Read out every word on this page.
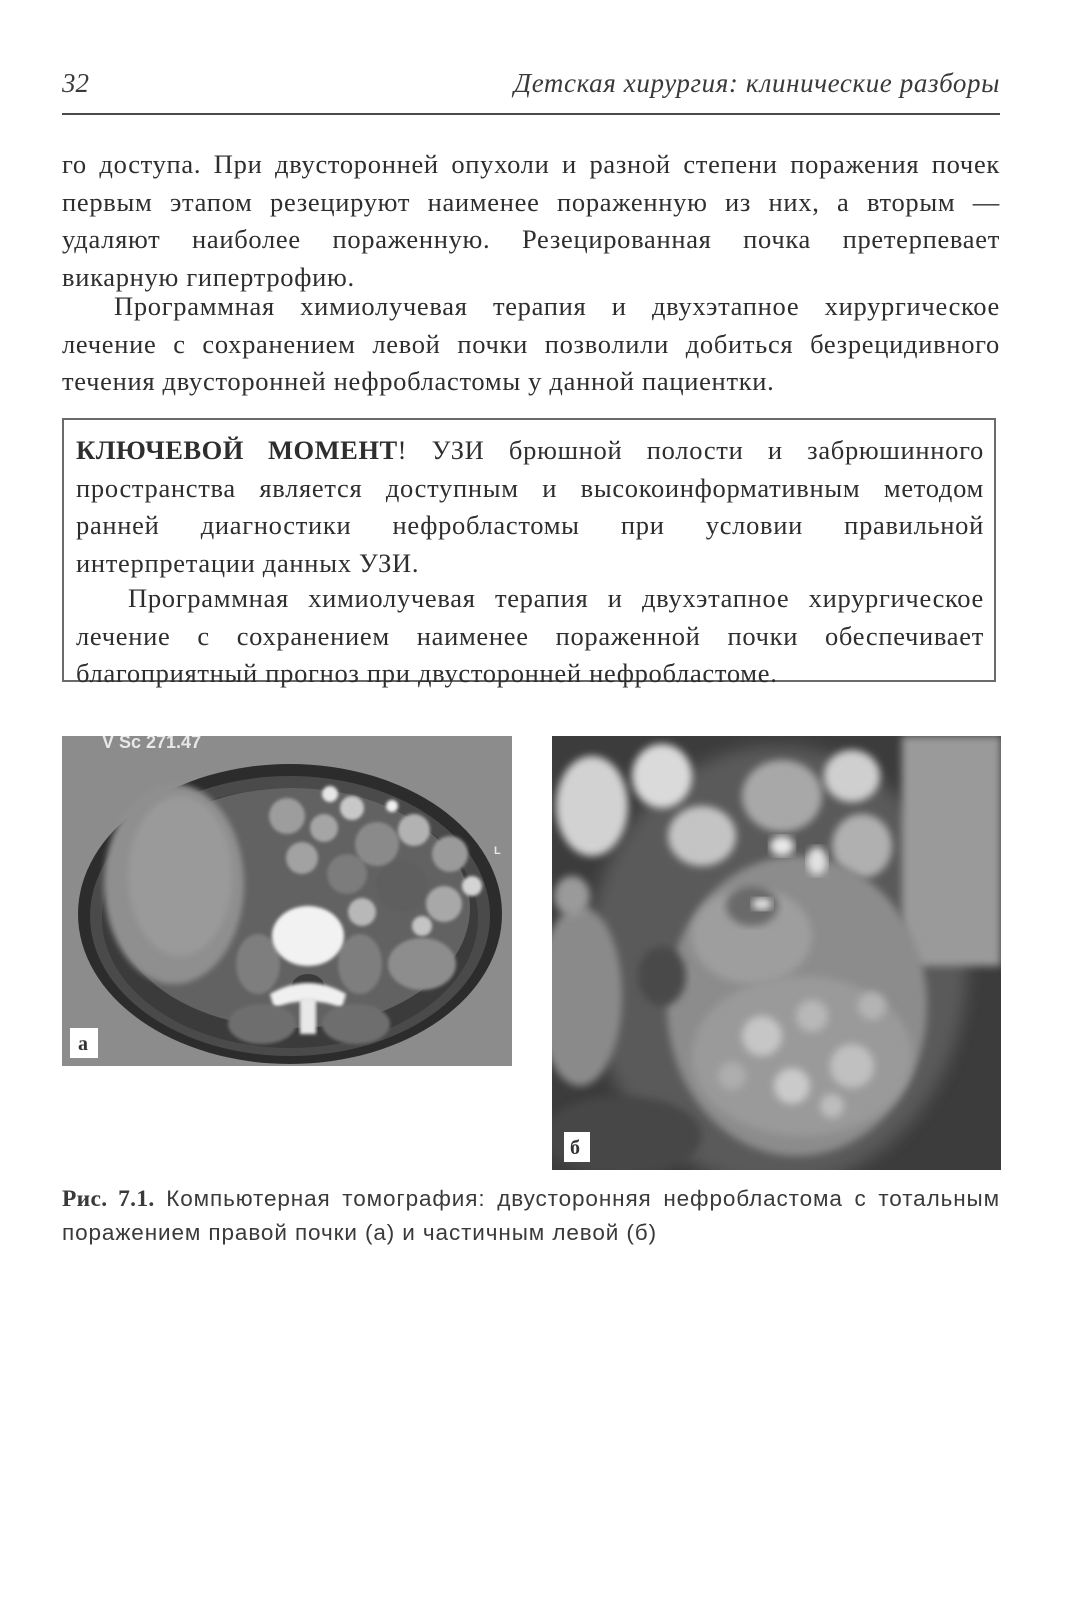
32	Детская хирургия: клинические разборы

го доступа. При двусторонней опухоли и разной степени поражения почек первым этапом резецируют наименее пораженную из них, а вторым — удаляют наиболее пораженную. Резецированная почка претерпевает викарную гипертрофию.

Программная химиолучевая терапия и двухэтапное хирургическое лечение с сохранением левой почки позволили добиться безрецидивного течения двусторонней нефробластомы у данной пациентки.

КЛЮЧЕВОЙ МОМЕНТ! УЗИ брюшной полости и забрюшинного пространства является доступным и высокоинформативным методом ранней диагностики нефробластомы при условии правильной интерпретации данных УЗИ.

Программная химиолучевая терапия и двухэтапное хирургическое лечение с сохранением наименее пораженной почки обеспечивает благоприятный прогноз при двусторонней нефробластоме.

V Sc 271.47
L
а
б

Рис. 7.1. Компьютерная томография: двусторонняя нефробластома с тотальным поражением правой почки (а) и частичным левой (б)
